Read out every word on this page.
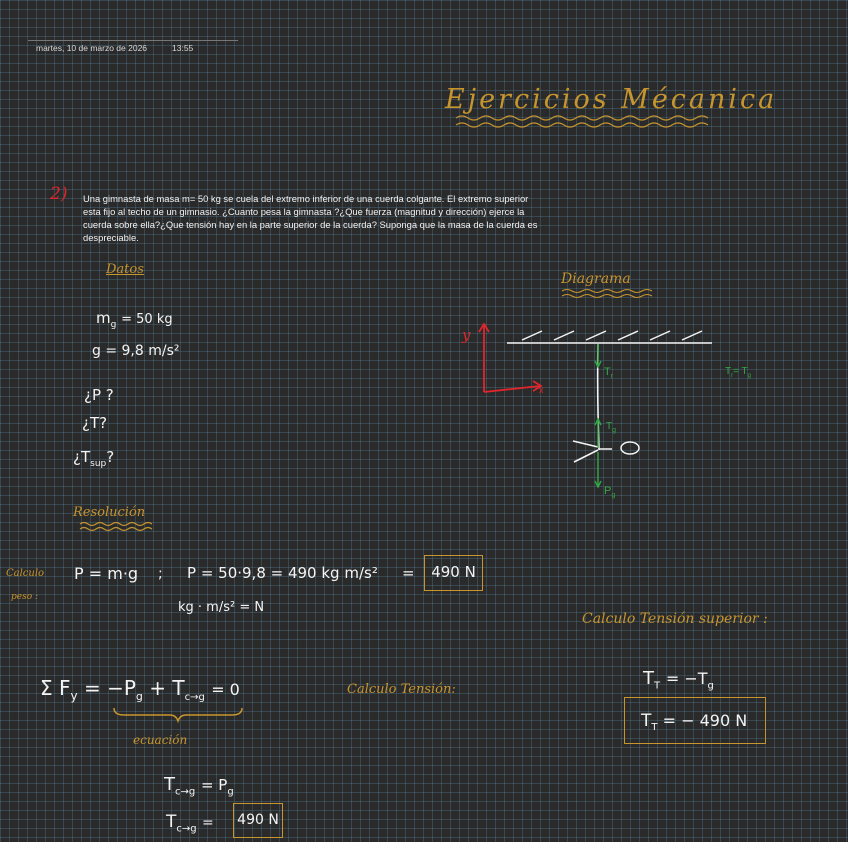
martes, 10 de marzo de 2026	13:55
Ejercicios Mécanica
2) Una gimnasta de masa m= 50 kg se cuela del extremo inferior de una cuerda colgante. El extremo superior esta fijo al techo de un gimnasio. ¿Cuanto pesa la gimnasta ?¿Que fuerza (magnitud y dirección) ejerce la cuerda sobre ella?¿Que tensión hay en la parte superior de la cuerda? Suponga que la masa de la cuerda es despreciable.
Datos
$m_g = 50$ kg
g = 9,8 m/s²
¿P ?
¿T?
¿$T_{sup}$?
Diagrama
y
x
$T_r$
$T_g$
$P_g$
$T_r= T_g$
Resolución
Calculo
peso :
P = m·g ; P = 50·9,8 = 490 kg m/s² =	490 N
kg · m/s² = N
Calculo Tensión:
Σ $F_y = -P_g + T_{c\to g} = 0$
ecuación
$T_{c\to g} = P_g$
$T_{c\to g} = 490$ N
Calculo Tensión superior :
$T_T = -T_g$
$T_T$ = − 490 N
